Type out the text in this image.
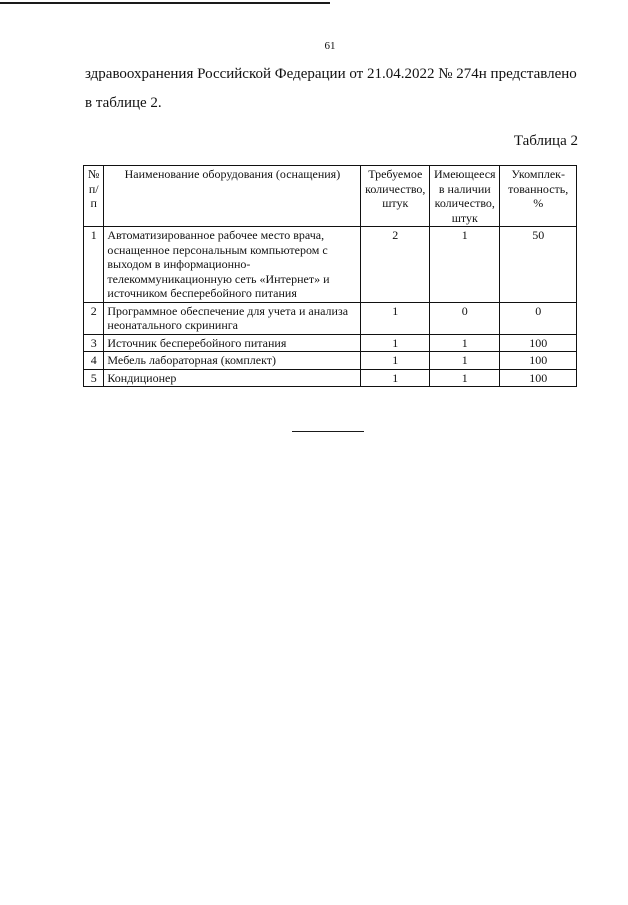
61
здравоохранения Российской Федерации от 21.04.2022 № 274н представлено
в таблице 2.
Таблица 2
№ п/п	Наименование оборудования (оснащения)	Требуемое количество, штук	Имеющееся в наличии количество, штук	Укомплек- тованность, %
1	Автоматизированное рабочее место врача, оснащенное персональным компьютером с выходом в информационно-телекоммуникационную сеть «Интернет» и источником бесперебойного питания	2	1	50
2	Программное обеспечение для учета и анализа неонатального скрининга	1	0	0
3	Источник бесперебойного питания	1	1	100
4	Мебель лабораторная (комплект)	1	1	100
5	Кондиционер	1	1	100
